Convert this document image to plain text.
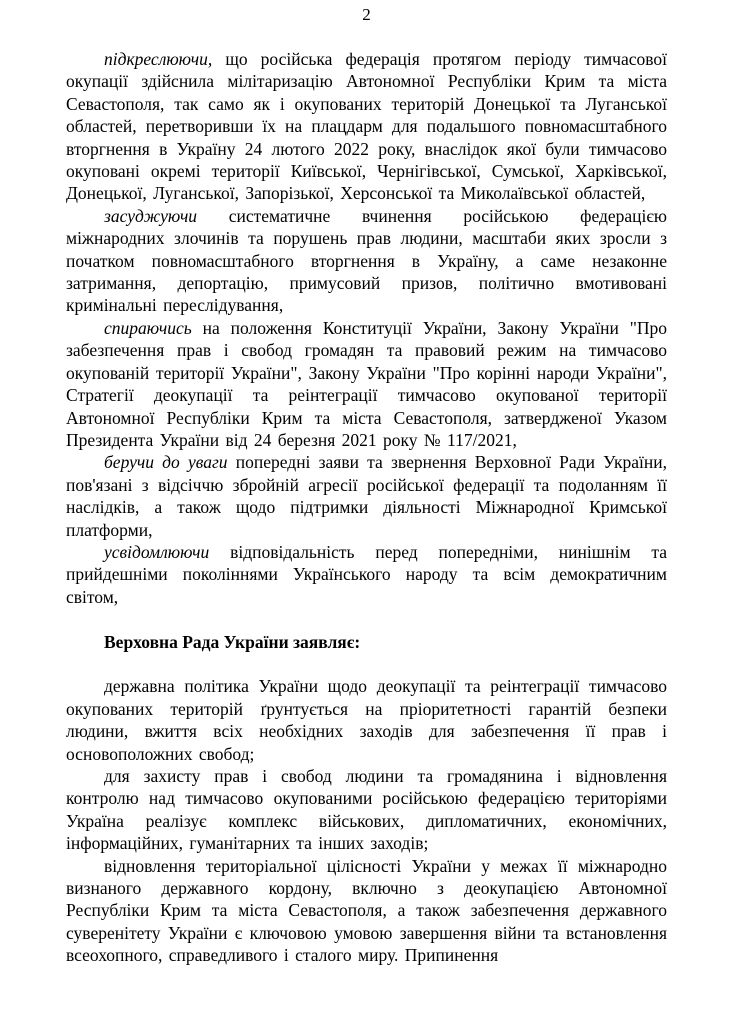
2

підкреслюючи, що російська федерація протягом періоду тимчасової окупації здійснила мілітаризацію Автономної Республіки Крим та міста Севастополя, так само як і окупованих територій Донецької та Луганської областей, перетворивши їх на плацдарм для подальшого повномасштабного вторгнення в Україну 24 лютого 2022 року, внаслідок якої були тимчасово окуповані окремі території Київської, Чернігівської, Сумської, Харківської, Донецької, Луганської, Запорізької, Херсонської та Миколаївської областей,

засуджуючи систематичне вчинення російською федерацією міжнародних злочинів та порушень прав людини, масштаби яких зросли з початком повномасштабного вторгнення в Україну, а саме незаконне затримання, депортацію, примусовий призов, політично вмотивовані кримінальні переслідування,

спираючись на положення Конституції України, Закону України "Про забезпечення прав і свобод громадян та правовий режим на тимчасово окупованій території України", Закону України "Про корінні народи України", Стратегії деокупації та реінтеграції тимчасово окупованої території Автономної Республіки Крим та міста Севастополя, затвердженої Указом Президента України від 24 березня 2021 року № 117/2021,

беручи до уваги попередні заяви та звернення Верховної Ради України, пов'язані з відсіччю збройній агресії російської федерації та подоланням її наслідків, а також щодо підтримки діяльності Міжнародної Кримської платформи,

усвідомлюючи відповідальність перед попередніми, нинішнім та прийдешніми поколіннями Українського народу та всім демократичним світом,

Верховна Рада України заявляє:

державна політика України щодо деокупації та реінтеграції тимчасово окупованих територій ґрунтується на пріоритетності гарантій безпеки людини, вжиття всіх необхідних заходів для забезпечення її прав і основоположних свобод;

для захисту прав і свобод людини та громадянина і відновлення контролю над тимчасово окупованими російською федерацією територіями Україна реалізує комплекс військових, дипломатичних, економічних, інформаційних, гуманітарних та інших заходів;

відновлення територіальної цілісності України у межах її міжнародно визнаного державного кордону, включно з деокупацією Автономної Республіки Крим та міста Севастополя, а також забезпечення державного суверенітету України є ключовою умовою завершення війни та встановлення всеохопного, справедливого і сталого миру. Припинення
